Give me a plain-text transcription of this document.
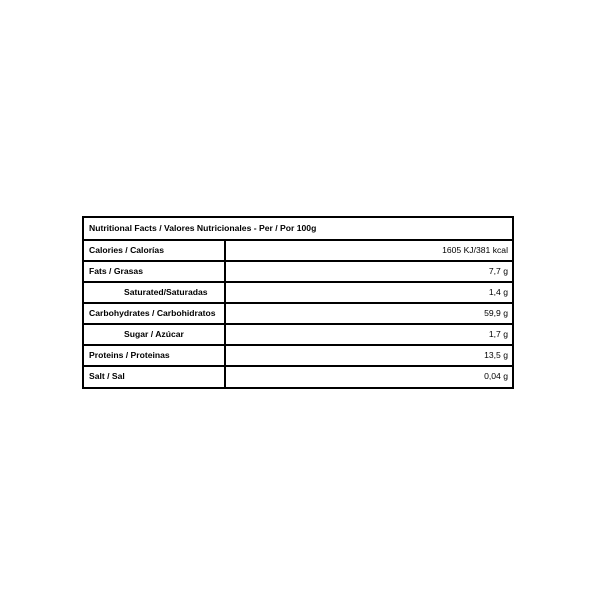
Nutritional Facts / Valores Nutricionales - Per / Por 100g
Calories / Calorías	1605 KJ/381 kcal
Fats / Grasas	7,7 g
Saturated/Saturadas	1,4 g
Carbohydrates / Carbohidratos	59,9 g
Sugar / Azúcar	1,7 g
Proteins / Proteinas	13,5 g
Salt / Sal	0,04 g
